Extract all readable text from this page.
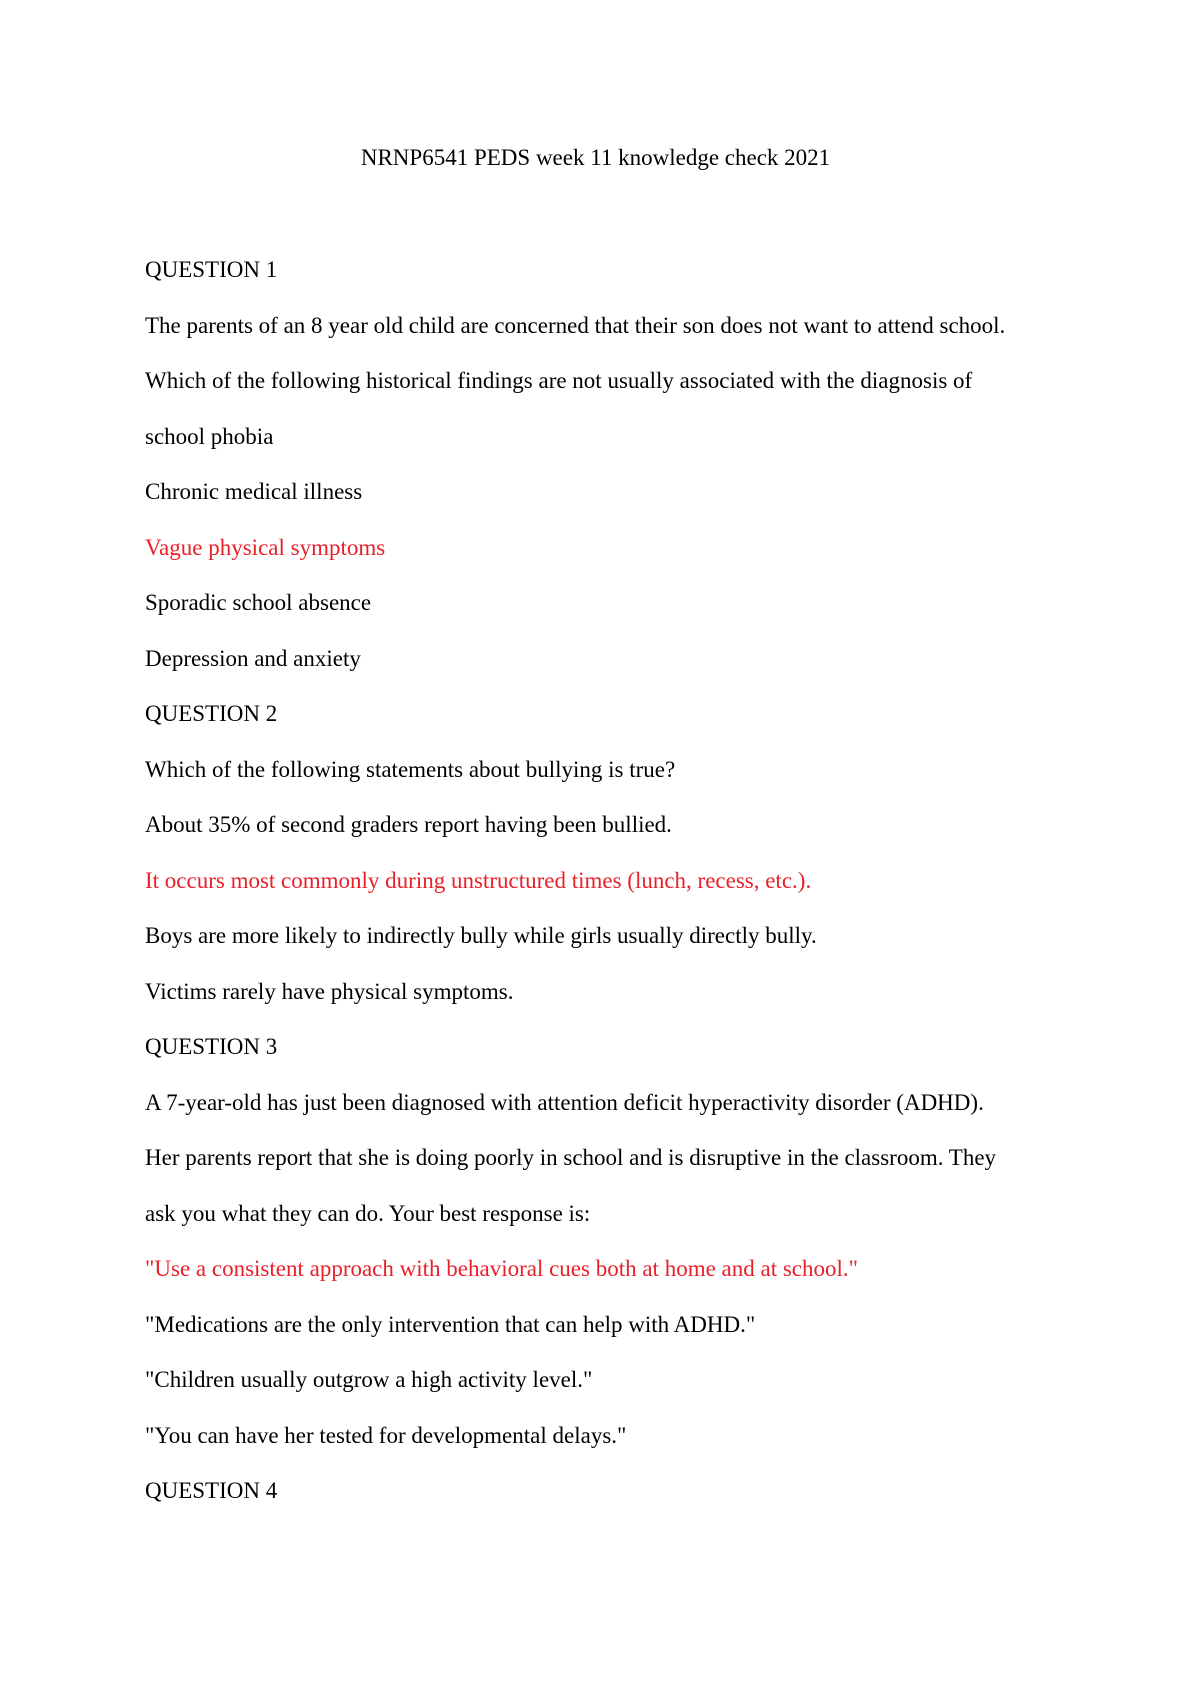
NRNP6541 PEDS week 11 knowledge check 2021

QUESTION 1

The parents of an 8 year old child are concerned that their son does not want to attend school.

Which of the following historical findings are not usually associated with the diagnosis of

school phobia

Chronic medical illness

Vague physical symptoms

Sporadic school absence

Depression and anxiety

QUESTION 2

Which of the following statements about bullying is true?

About 35% of second graders report having been bullied.

It occurs most commonly during unstructured times (lunch, recess, etc.).

Boys are more likely to indirectly bully while girls usually directly bully.

Victims rarely have physical symptoms.

QUESTION 3

A 7-year-old has just been diagnosed with attention deficit hyperactivity disorder (ADHD).

Her parents report that she is doing poorly in school and is disruptive in the classroom. They

ask you what they can do. Your best response is:

"Use a consistent approach with behavioral cues both at home and at school."

"Medications are the only intervention that can help with ADHD."

"Children usually outgrow a high activity level."

"You can have her tested for developmental delays."

QUESTION 4
